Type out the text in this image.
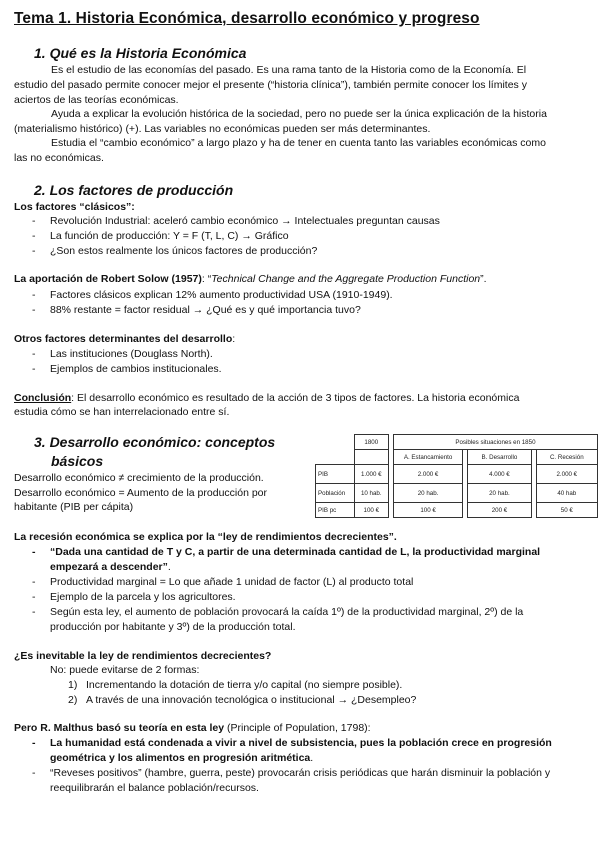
Tema 1. Historia Económica, desarrollo económico y progreso
1. Qué es la Historia Económica
Es el estudio de las economías del pasado. Es una rama tanto de la Historia como de la Economía. El
estudio del pasado permite conocer mejor el presente (“historia clínica”), también permite conocer los límites y
aciertos de las teorías económicas.
Ayuda a explicar la evolución histórica de la sociedad, pero no puede ser la única explicación de la historia
(materialismo histórico) (+). Las variables no económicas pueden ser más determinantes.
Estudia el “cambio económico” a largo plazo y ha de tener en cuenta tanto las variables económicas como
las no económicas.
2. Los factores de producción
Los factores “clásicos”:
- Revolución Industrial: aceleró cambio económico → Intelectuales preguntan causas
- La función de producción: Y = F (T, L, C) → Gráfico
- ¿Son estos realmente los únicos factores de producción?
La aportación de Robert Solow (1957): “Technical Change and the Aggregate Production Function”.
- Factores clásicos explican 12% aumento productividad USA (1910-1949).
- 88% restante = factor residual → ¿Qué es y qué importancia tuvo?
Otros factores determinantes del desarrollo:
- Las instituciones (Douglass North).
- Ejemplos de cambios institucionales.
Conclusión: El desarrollo económico es resultado de la acción de 3 tipos de factores. La historia económica
estudia cómo se han interrelacionado entre sí.
3. Desarrollo económico: conceptos
básicos
Desarrollo económico ≠ crecimiento de la producción.
Desarrollo económico = Aumento de la producción por
habitante (PIB per cápita)
	1800		Posibles situaciones en 1850				
			A. Estancamiento		B. Desarrollo		C. Recesión
PIB	1.000 €		2.000 €		4.000 €		2.000 €
Población	10 hab.		20 hab.		20 hab.		40 hab
PIB pc	100 €		100 €		200 €		50 €
La recesión económica se explica por la “ley de rendimientos decrecientes”.
- “Dada una cantidad de T y C, a partir de una determinada cantidad de L, la productividad marginal
empezará a descender”.
- Productividad marginal = Lo que añade 1 unidad de factor (L) al producto total
- Ejemplo de la parcela y los agricultores.
- Según esta ley, el aumento de población provocará la caída 1º) de la productividad marginal, 2º) de la
producción por habitante y 3º) de la producción total.
¿Es inevitable la ley de rendimientos decrecientes?
No: puede evitarse de 2 formas:
1) Incrementando la dotación de tierra y/o capital (no siempre posible).
2) A través de una innovación tecnológica o institucional → ¿Desempleo?
Pero R. Malthus basó su teoría en esta ley (Principle of Population, 1798):
- La humanidad está condenada a vivir a nivel de subsistencia, pues la población crece en progresión
geométrica y los alimentos en progresión aritmética.
- “Reveses positivos” (hambre, guerra, peste) provocarán crisis periódicas que harán disminuir la población y
reequilibrarán el balance población/recursos.
